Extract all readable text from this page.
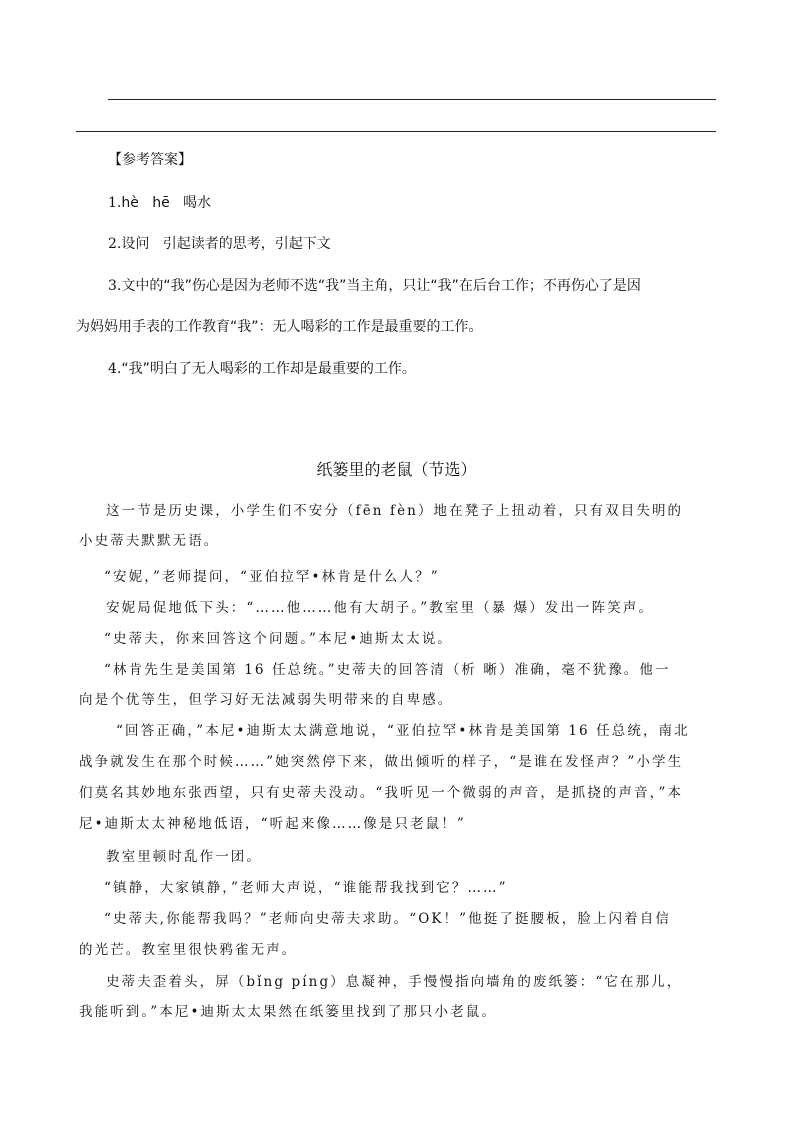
【参考答案】
1.hè   hē   喝水
2.设问   引起读者的思考，引起下文
3.文中的“我”伤心是因为老师不选“我”当主角，只让“我”在后台工作；不再伤心了是因
为妈妈用手表的工作教育“我”：无人喝彩的工作是最重要的工作。
4.“我”明白了无人喝彩的工作却是最重要的工作。
纸篓里的老鼠（节选）
这一节是历史课，小学生们不安分（fēn fèn）地在凳子上扭动着，只有双目失明的
小史蒂夫默默无语。
“安妮，”老师提问，“亚伯拉罕•林肯是什么人？”
安妮局促地低下头：“……他……他有大胡子。”教室里（暴 爆）发出一阵笑声。
“史蒂夫，你来回答这个问题。”本尼•迪斯太太说。
“林肯先生是美国第 16 任总统。”史蒂夫的回答清（析 晰）准确，毫不犹豫。他一
向是个优等生，但学习好无法减弱失明带来的自卑感。
“回答正确，”本尼•迪斯太太满意地说，“亚伯拉罕•林肯是美国第 16 任总统，南北
战争就发生在那个时候……”她突然停下来，做出倾听的样子，“是谁在发怪声？”小学生
们莫名其妙地东张西望，只有史蒂夫没动。“我听见一个微弱的声音，是抓挠的声音，”本
尼•迪斯太太神秘地低语，“听起来像……像是只老鼠！”
教室里顿时乱作一团。
“镇静，大家镇静，”老师大声说，“谁能帮我找到它？……”
“史蒂夫,你能帮我吗？”老师向史蒂夫求助。“OK！”他挺了挺腰板，脸上闪着自信
的光芒。教室里很快鸦雀无声。
史蒂夫歪着头，屏（bǐng píng）息凝神，手慢慢指向墙角的废纸篓：“它在那儿，
我能听到。”本尼•迪斯太太果然在纸篓里找到了那只小老鼠。
